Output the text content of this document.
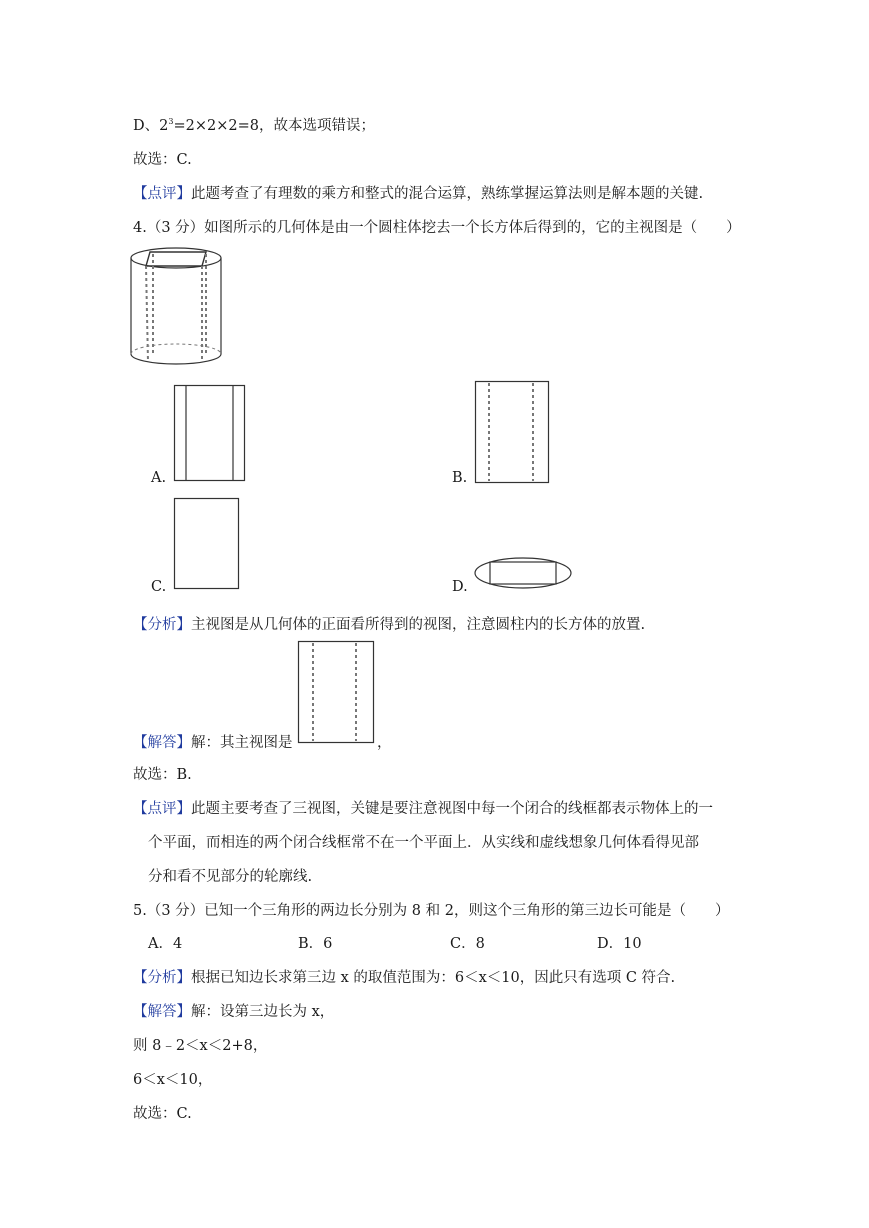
D、$2^3=2\times 2\times 2=8$，故本选项错误；
故选：C.
【点评】此题考查了有理数的乘方和整式的混合运算，熟练掌握运算法则是解本题的关键.
4.（3 分）如图所示的几何体是由一个圆柱体挖去一个长方体后得到的，它的主视图是（　　）
A.	B.
C.	D.
【分析】主视图是从几何体的正面看所得到的视图，注意圆柱内的长方体的放置.
【解答】解：其主视图是	，
故选：B.
【点评】此题主要考查了三视图，关键是要注意视图中每一个闭合的线框都表示物体上的一
个平面，而相连的两个闭合线框常不在一个平面上．从实线和虚线想象几何体看得见部
分和看不见部分的轮廓线.
5.（3 分）已知一个三角形的两边长分别为 8 和 2，则这个三角形的第三边长可能是（　　）
A．4	B．6	C．8	D．10
【分析】根据已知边长求第三边 x 的取值范围为：6＜x＜10，因此只有选项 C 符合.
【解答】解：设第三边长为 x，
则 8﹣2＜x＜2+8，
6＜x＜10，
故选：C.
